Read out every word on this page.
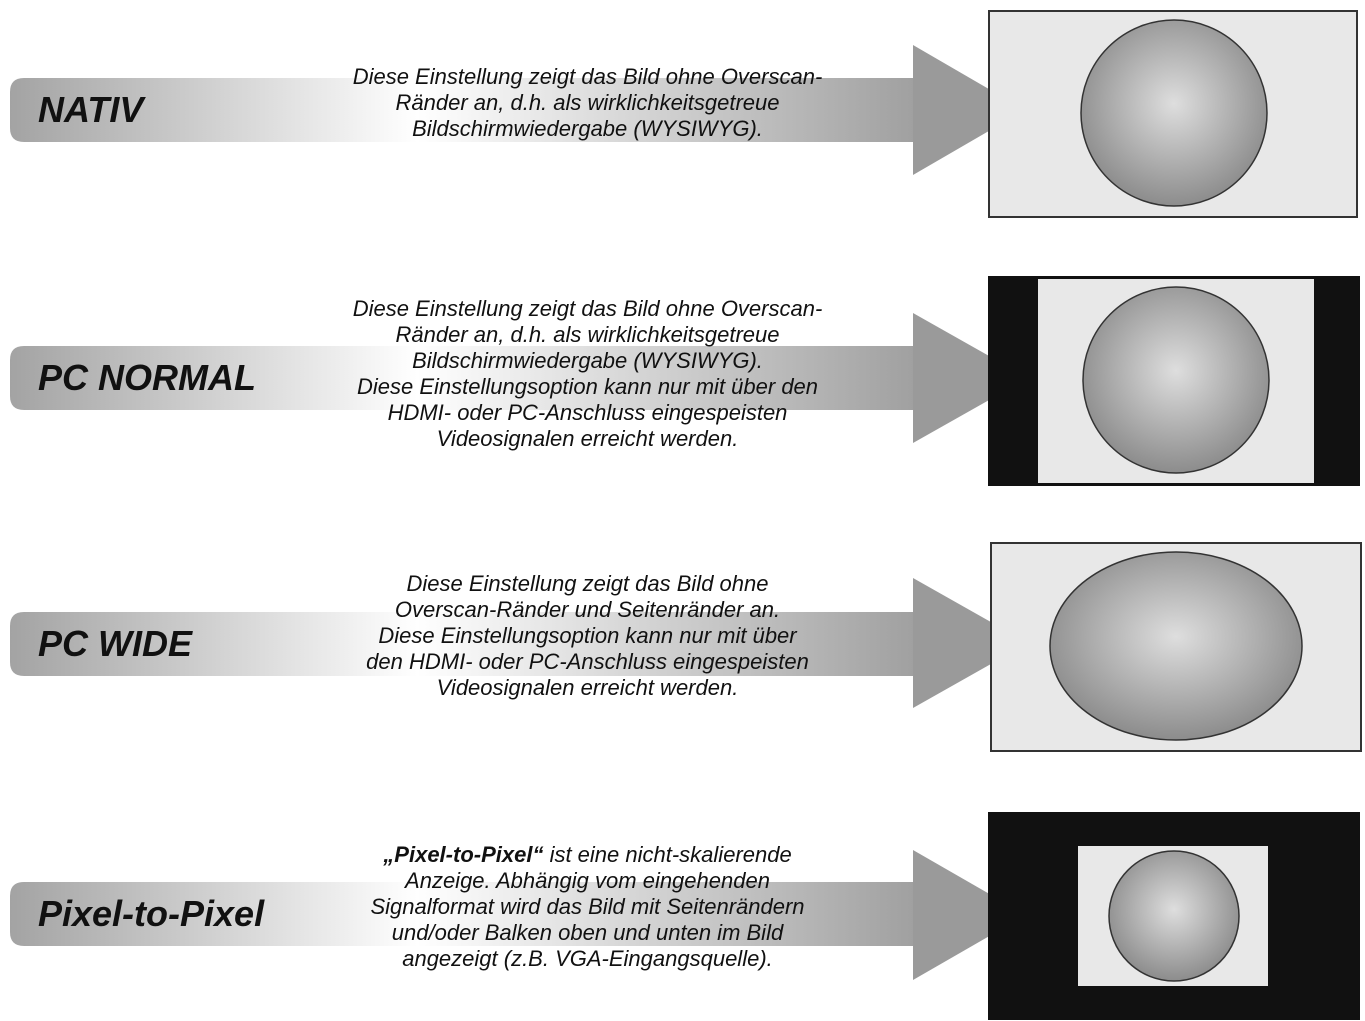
NATIV
Diese Einstellung zeigt das Bild ohne Overscan-
Ränder an, d.h. als wirklichkeitsgetreue
Bildschirmwiedergabe (WYSIWYG).
PC NORMAL
Diese Einstellung zeigt das Bild ohne Overscan-
Ränder an, d.h. als wirklichkeitsgetreue
Bildschirmwiedergabe (WYSIWYG).
Diese Einstellungsoption kann nur mit über den
HDMI- oder PC-Anschluss eingespeisten
Videosignalen erreicht werden.
PC WIDE
Diese Einstellung zeigt das Bild ohne
Overscan-Ränder und Seitenränder an.
Diese Einstellungsoption kann nur mit über
den HDMI- oder PC-Anschluss eingespeisten
Videosignalen erreicht werden.
Pixel-to-Pixel
„Pixel-to-Pixel“ ist eine nicht-skalierende
Anzeige. Abhängig vom eingehenden
Signalformat wird das Bild mit Seitenrändern
und/oder Balken oben und unten im Bild
angezeigt (z.B. VGA-Eingangsquelle).
